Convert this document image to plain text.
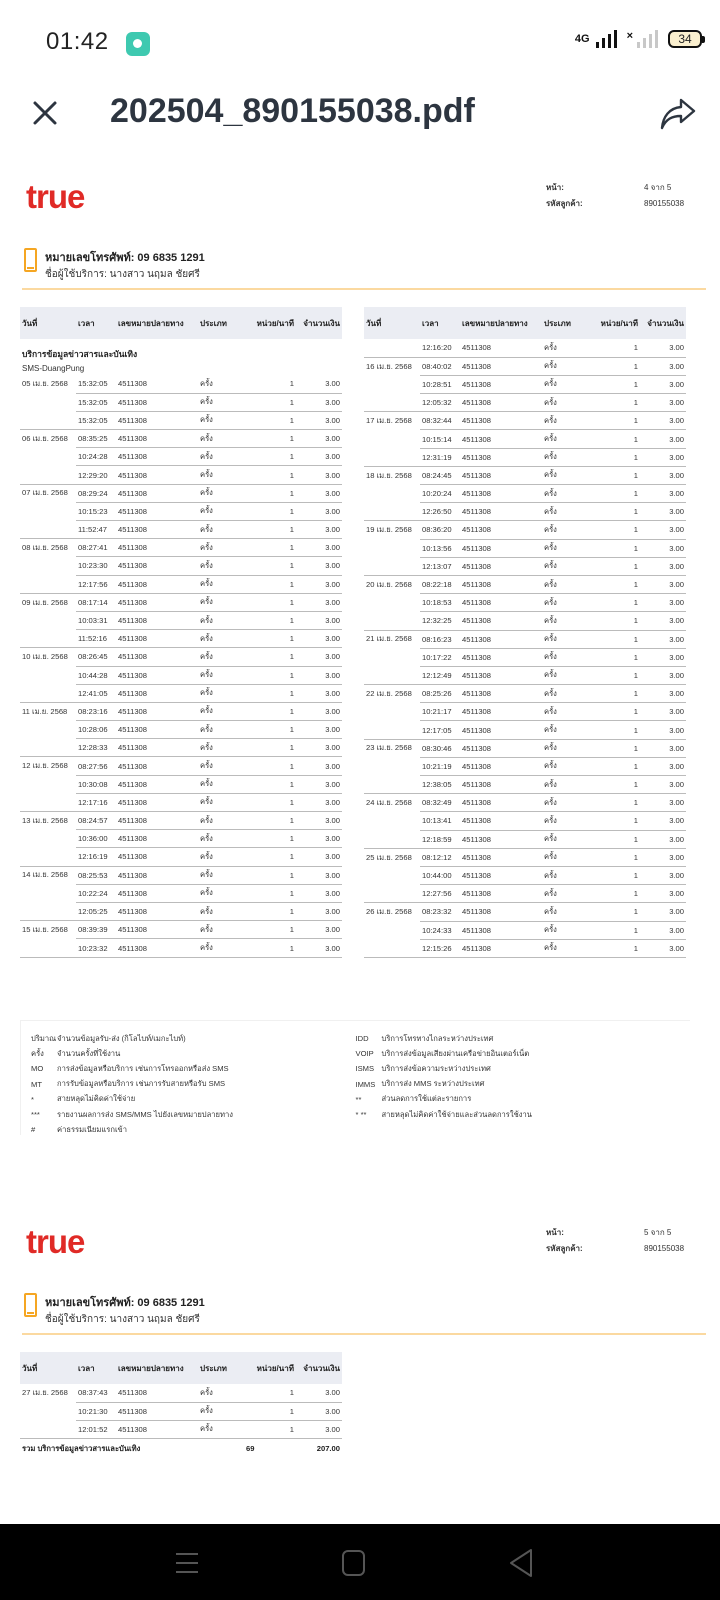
01:42	4G	×	34
202504_890155038.pdf
true	หน้า:	4 จาก 5
รหัสลูกค้า:	890155038
หมายเลขโทรศัพท์: 09 6835 1291
ชื่อผู้ใช้บริการ: นางสาว นฤมล ชัยศรี
วันที่	เวลา	เลขหมายปลายทาง	ประเภท	หน่วย/นาที	จำนวนเงิน
บริการข้อมูลข่าวสารและบันเทิง					
SMS-DuangPung					
05 เม.ย. 2568	15:32:05	4511308	ครั้ง	1	3.00
	15:32:05	4511308	ครั้ง	1	3.00
	15:32:05	4511308	ครั้ง	1	3.00
06 เม.ย. 2568	08:35:25	4511308	ครั้ง	1	3.00
	10:24:28	4511308	ครั้ง	1	3.00
	12:29:20	4511308	ครั้ง	1	3.00
07 เม.ย. 2568	08:29:24	4511308	ครั้ง	1	3.00
	10:15:23	4511308	ครั้ง	1	3.00
	11:52:47	4511308	ครั้ง	1	3.00
08 เม.ย. 2568	08:27:41	4511308	ครั้ง	1	3.00
	10:23:30	4511308	ครั้ง	1	3.00
	12:17:56	4511308	ครั้ง	1	3.00
09 เม.ย. 2568	08:17:14	4511308	ครั้ง	1	3.00
	10:03:31	4511308	ครั้ง	1	3.00
	11:52:16	4511308	ครั้ง	1	3.00
10 เม.ย. 2568	08:26:45	4511308	ครั้ง	1	3.00
	10:44:28	4511308	ครั้ง	1	3.00
	12:41:05	4511308	ครั้ง	1	3.00
11 เม.ย. 2568	08:23:16	4511308	ครั้ง	1	3.00
	10:28:06	4511308	ครั้ง	1	3.00
	12:28:33	4511308	ครั้ง	1	3.00
12 เม.ย. 2568	08:27:56	4511308	ครั้ง	1	3.00
	10:30:08	4511308	ครั้ง	1	3.00
	12:17:16	4511308	ครั้ง	1	3.00
13 เม.ย. 2568	08:24:57	4511308	ครั้ง	1	3.00
	10:36:00	4511308	ครั้ง	1	3.00
	12:16:19	4511308	ครั้ง	1	3.00
14 เม.ย. 2568	08:25:53	4511308	ครั้ง	1	3.00
	10:22:24	4511308	ครั้ง	1	3.00
	12:05:25	4511308	ครั้ง	1	3.00
15 เม.ย. 2568	08:39:39	4511308	ครั้ง	1	3.00
	10:23:32	4511308	ครั้ง	1	3.00
วันที่	เวลา	เลขหมายปลายทาง	ประเภท	หน่วย/นาที	จำนวนเงิน
	12:16:20	4511308	ครั้ง	1	3.00
16 เม.ย. 2568	08:40:02	4511308	ครั้ง	1	3.00
	10:28:51	4511308	ครั้ง	1	3.00
	12:05:32	4511308	ครั้ง	1	3.00
17 เม.ย. 2568	08:32:44	4511308	ครั้ง	1	3.00
	10:15:14	4511308	ครั้ง	1	3.00
	12:31:19	4511308	ครั้ง	1	3.00
18 เม.ย. 2568	08:24:45	4511308	ครั้ง	1	3.00
	10:20:24	4511308	ครั้ง	1	3.00
	12:26:50	4511308	ครั้ง	1	3.00
19 เม.ย. 2568	08:36:20	4511308	ครั้ง	1	3.00
	10:13:56	4511308	ครั้ง	1	3.00
	12:13:07	4511308	ครั้ง	1	3.00
20 เม.ย. 2568	08:22:18	4511308	ครั้ง	1	3.00
	10:18:53	4511308	ครั้ง	1	3.00
	12:32:25	4511308	ครั้ง	1	3.00
21 เม.ย. 2568	08:16:23	4511308	ครั้ง	1	3.00
	10:17:22	4511308	ครั้ง	1	3.00
	12:12:49	4511308	ครั้ง	1	3.00
22 เม.ย. 2568	08:25:26	4511308	ครั้ง	1	3.00
	10:21:17	4511308	ครั้ง	1	3.00
	12:17:05	4511308	ครั้ง	1	3.00
23 เม.ย. 2568	08:30:46	4511308	ครั้ง	1	3.00
	10:21:19	4511308	ครั้ง	1	3.00
	12:38:05	4511308	ครั้ง	1	3.00
24 เม.ย. 2568	08:32:49	4511308	ครั้ง	1	3.00
	10:13:41	4511308	ครั้ง	1	3.00
	12:18:59	4511308	ครั้ง	1	3.00
25 เม.ย. 2568	08:12:12	4511308	ครั้ง	1	3.00
	10:44:00	4511308	ครั้ง	1	3.00
	12:27:56	4511308	ครั้ง	1	3.00
26 เม.ย. 2568	08:23:32	4511308	ครั้ง	1	3.00
	10:24:33	4511308	ครั้ง	1	3.00
	12:15:26	4511308	ครั้ง	1	3.00
ปริมาณ จำนวนข้อมูลรับ-ส่ง (กิโลไบท์/เมกะไบท์)
ครั้ง	จำนวนครั้งที่ใช้งาน
MO	การส่งข้อมูลหรือบริการ เช่นการโทรออกหรือส่ง SMS
MT	การรับข้อมูลหรือบริการ เช่นการรับสายหรือรับ SMS
*	สายหลุดไม่คิดค่าใช้จ่าย
***	รายงานผลการส่ง SMS/MMS ไปยังเลขหมายปลายทาง
#	ค่าธรรมเนียมแรกเข้า
IDD	บริการโทรทางไกลระหว่างประเทศ
VOIP	บริการส่งข้อมูลเสียงผ่านเครือข่ายอินเตอร์เน็ต
ISMS บริการส่งข้อความระหว่างประเทศ
IMMS บริการส่ง MMS ระหว่างประเทศ
**	ส่วนลดการใช้แต่ละรายการ
* **	สายหลุดไม่คิดค่าใช้จ่ายและส่วนลดการใช้งาน
true	หน้า:	5 จาก 5
รหัสลูกค้า:	890155038
หมายเลขโทรศัพท์: 09 6835 1291
ชื่อผู้ใช้บริการ: นางสาว นฤมล ชัยศรี
วันที่	เวลา	เลขหมายปลายทาง	ประเภท	หน่วย/นาที	จำนวนเงิน
27 เม.ย. 2568	08:37:43	4511308	ครั้ง	1	3.00
	10:21:30	4511308	ครั้ง	1	3.00
	12:01:52	4511308	ครั้ง	1	3.00
รวม บริการข้อมูลข่าวสารและบันเทิง				69	207.00
